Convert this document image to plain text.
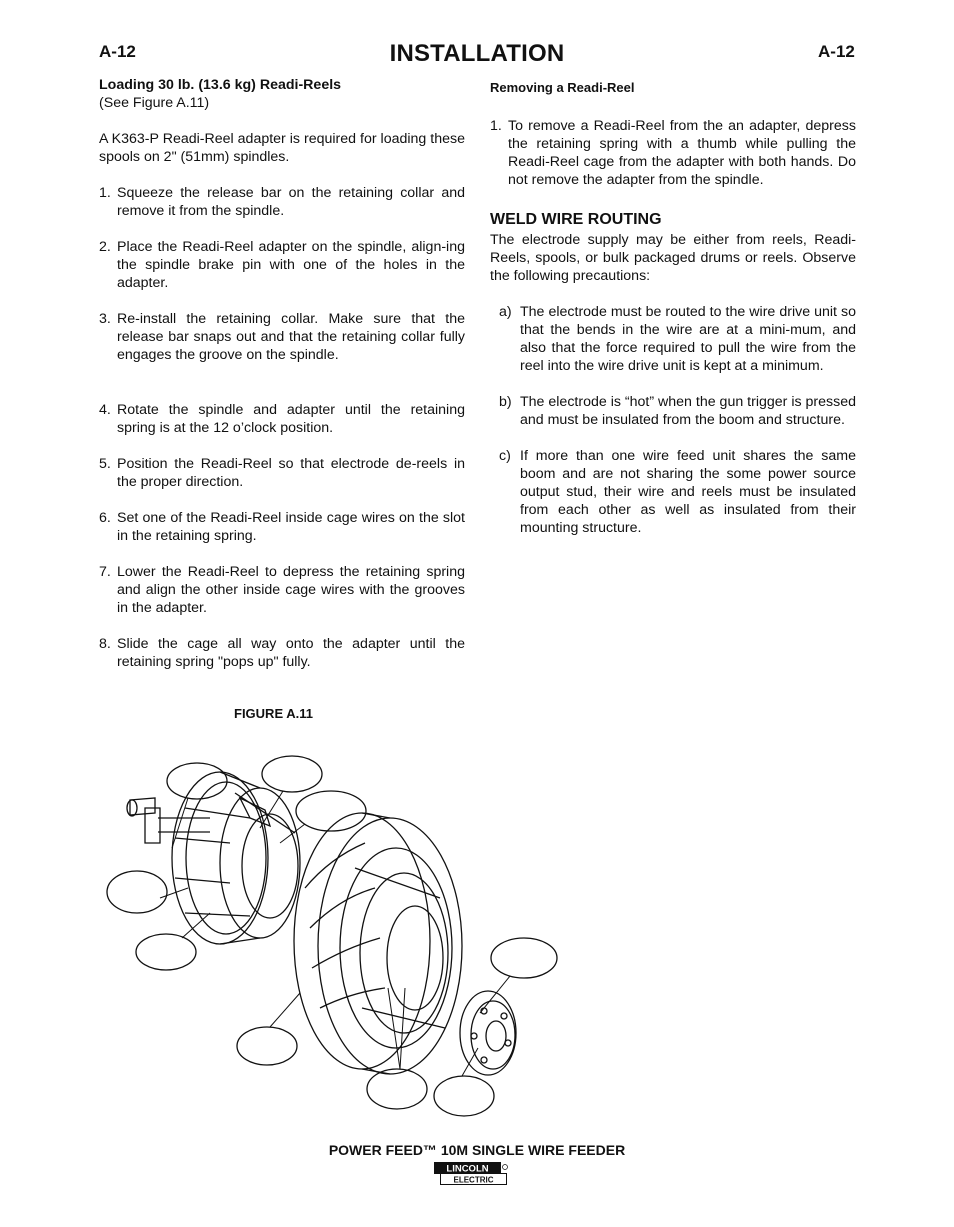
A-12	INSTALLATION	A-12

Loading 30 lb. (13.6 kg) Readi-Reels

(See Figure A.11)

A K363-P Readi-Reel adapter is required for loading these spools on 2" (51mm) spindles.

1. Squeeze the release bar on the retaining collar and remove it from the spindle.
2. Place the Readi-Reel adapter on the spindle, align-ing the spindle brake pin with one of the holes in the adapter.
3. Re-install the retaining collar. Make sure that the release bar snaps out and that the retaining collar fully engages the groove on the spindle.
4. Rotate the spindle and adapter until the retaining spring is at the 12 o’clock position.
5. Position the Readi-Reel so that electrode de-reels in the proper direction.
6. Set one of the Readi-Reel inside cage wires on the slot in the retaining spring.
7. Lower the Readi-Reel to depress the retaining spring and align the other inside cage wires with the grooves in the adapter.
8. Slide the cage all way onto the adapter until the retaining spring "pops up" fully.

Removing a Readi-Reel

1. To remove a Readi-Reel from the an adapter, depress the retaining spring with a thumb while pulling the Readi-Reel cage from the adapter with both hands. Do not remove the adapter from the spindle.

WELD WIRE ROUTING

The electrode supply may be either from reels, Readi-Reels, spools, or bulk packaged drums or reels. Observe the following precautions:

a) The electrode must be routed to the wire drive unit so that the bends in the wire are at a mini-mum, and also that the force required to pull the wire from the reel into the wire drive unit is kept at a minimum.
b) The electrode is “hot” when the gun trigger is pressed and must be insulated from the boom and structure.
c) If more than one wire feed unit shares the same boom and are not sharing the some power source output stud, their wire and reels must be insulated from each other as well as insulated from their mounting structure.
FIGURE A.11
POWER FEED™ 10M SINGLE WIRE FEEDER
LINCOLN
ELECTRIC
